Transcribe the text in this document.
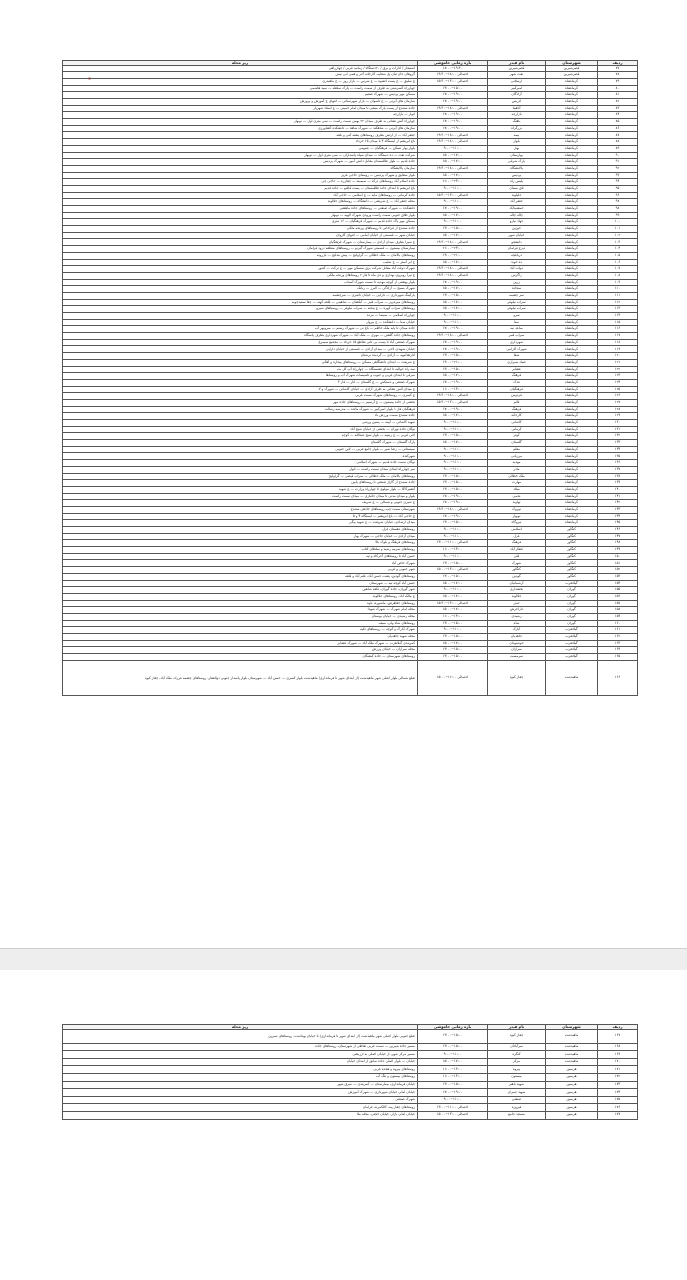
ردیف	شهرستان	نام فیدر	بازه زمانی خاموشی	ریز محله
۷۷	قصرشیرین	قصرشیرین	۱۸:۰۰−۱۹:۳۰	استیجار / ادارات و برق / ۲۰دستگاه / زمانیه غربی / چهارراهی
۷۸	قصرشیرین	نفت شهر	احتمالی ۱۸:۰۰−۱۹:۳۰	گروهان جان ثیان پل شغاپه، کارخانه آجر و همی ابی نیش
۷۹	کرمانشاه	ارسلانی	احتمالی ۱۳:۰۰−۱۵:۳۰	ج سلیق — ج پست انشوه — ج شرس — بازار روز — ج ماهیدری
۸۰	کرمانشاه	امیرکبیر	۱۳:۰۰−۱۵:۰۰	چهارراه کسرشتی به طرف از سمت راست — پارک سلطه — سید هاشمی
۸۱	کرمانشاه	آزادگان	۱۷:۰۰−۱۹:۰۰	مسکن مهر پردیس — شهرک ضعیم
۸۲	کرمانشاه	ادریس	۱۷:۰۰−۱۹:۰۰	سازمان های آیرنی — ج ثاسوان — بازار شهرستانی — انتهای خ آموزش و پرورش
۸۳	کرمانشاه	آناهیتا	احتمالی ۱۸:۰۰−۱۹:۳۰	جاده سنندج از پست پارک منبعی تا میدان امام خمینی — ج استاد شهریار
۸۴	کرمانشاه	بازارچه	۱۷:۰۰−۱۹:۰۰	انوار — بازارچه
۸۵	کرمانشاه	باهنگ	۱۷:۰۰−۱۹:۰۰	چهارراه آتش نشانی به طرف میدان ۲۲ بهمن سمت راست — سی متری اول — نوبهار
۸۶	کرمانشاه	بزرگراه	۱۷:۰۰−۱۹:۰۰	سازمان های آیرنی — شاهکند — شهرک شاهد — دانشکده کشاورزی
۸۷	کرمانشاه	بیمه	احتمالی ۱۸:۰۰−۱۹:۳۰	جعفر آباد — از ارتش بطرف روستاهای پشته کنی و بلقه
۸۸	کرمانشاه	بلوار	احتمالی ۱۸:۰۰−۱۹:۳۰	باغ ابریشم از ایستگاه ۳ تا میدان ۱۵ خرداد
۸۹	کرمانشاه	بهار	۹:۰۰−۱۱:۰۰	بلوار بهار نسکن — فرهنگیان — عمومی
۹۰	کرمانشاه	بهارستان	۱۵:۰۰−۱۷:۰۰	شرکت نفت — ده دستگاه — میدان سپاه پاسداران — سی متری اول — نوبهار
۹۱	کرمانشاه	پارک شرقی	۱۵:۰۰−۱۷:۰۰	جاده قدیم — بلوار طاقبستان مقابل دانش آموز — شهرک پردیس
۹۲	کرمانشاه	پالایشگاه	احتمالی ۱۸:۰۰−۱۹:۳۰	سازمان پالایشگاه
۹۳	کرمانشاه	پردیس	۱۵:۰۰−۱۷:۰۰	بلوار شقایق و شهرک پردیس — روستای حاجی عزیز
۹۴	کرمانشاه	پلیس راه	۲۱:۰۰−۲۳:۰۰	جاده اسلام آباد روستاهای درکه — سیمینه — چقاززه — حاجی چی
۹۵	کرمانشاه	تاق بستان	۹:۰۰−۱۱:۰۰	باغ ابریشم تا ابتدای جاده طاقبستان — پست قاقتو — جاده قدیم
۹۶	کرمانشاه	جلیلوند	احتمالی ۱۳:۰۰−۱۵:۳۰	جاده کرمانی — روستاهای مایه — ج اسلامی — حاجی آباد
۹۷	کرمانشاه	جعفر آباد	۹:۰۰−۱۱:۰۰	محله جعفر آباد — خ شریعتی — دانشگاه — روستاهای جلالوند
۹۸	کرمانشاه	جمشیدآباد	۱۷:۰۰−۱۹:۰۰	دانشکده — شهرک صنعتی — روستاهای جاده ماهشی
۹۹	کرمانشاه	چاله چاله	۱۵:۰۰−۱۷:۰۰	بلوار طاق جنوبی سمت راست ورودی شهرک الهیه — نوبهار
۱۰۰	کرمانشاه	جهاد نیارو	۹:۰۰−۱۱:۰۰	مسکن مهر پاک جاده قدیم — شهرک فرهنگیان — ۱۶ متری
۱۰۱	کرمانشاه	خوزین	۱۳:۰۰−۱۵:۰۰	جاده سنندج از قراخانی تا روستاهای ورنجه ملکی
۱۰۲	کرمانشاه	خیابان شهر	۱۵:۰۰−۱۷:۰۰	خیابان شهر — قسمتی از خیابان امامی — انتهای کاروان
۱۰۳	کرمانشاه	دانشجو	احتمالی ۱۸:۰۰−۱۹:۳۰	خ شیرا بطرف میدان آزادی — بیمارستان — شهرک فرهنگیان
۱۰۴	کرمانشاه	دیزج فرامان	۲۱:۰۰−۲۳:۰۰	بیمارستان بیستون — قسمتی شهرک گیرنو — روستاهای منطقه درود فرامان
۱۰۵	کرمانشاه	درباغچه	۱۹:۰۰−۲۱:۰۰	روستاهای بالامان — ملک خطائی — گراولیج — پیش بندلیج — بازرونه
۱۰۶	کرمانشاه	ده خوند	۱۵:۰۰−۱۷:۰۰	خ ابر آستر — خ شلیب
۱۰۷	کرمانشاه	دولت آباد	احتمالی ۱۸:۰۰−۱۹:۳۰	شهرک دولت آباد مقابل شرکت برق سسکن مهر — ج ترکت — کنتور
۱۰۸	کرمانشاه	زاگرس	احتمالی ۱۸:۰۰−۱۹:۳۰	خ تیرآ روبروی بهداری و دی ماه تا فاز ۲ روستاهای ورنجه ملکی
۱۰۹	کرمانشاه	زرین	۱۷:۰۰−۱۹:۰۰	بلوار بهشتی از کوچه مهدیه تا سمت شهرک آسیاب
۱۱۰	کرمانشاه	سجاده	۱۵:۰۰−۱۷:۰۰	شهرک بسیج — آزادگی — البرز — ربانک
۱۱۱	کرمانشاه	سر چشمه	۱۳:۰۰−۱۵:۰۰	پارکینگ شهرداری — دارایی — خیابان ناصری — سرچشمه
۱۱۲	کرمانشاه	سراب نیلوفر	۱۵:۰۰−۱۷:۰۰	روستاهای میرعزیز — سرآب قنبر — آبکشان — شاهینی — قلعه کهنه — چغا سفیدچوبه
۱۱۳	کرمانشاه	سراب نیلوفر	۱۵:۰۰−۱۷:۰۰	روستاهای سراب کهره — ج پنجنه — سراب نیلوفر — روستاهای شیرو
۱۱۴	کرمانشاه	سرو	۹:۰۰−۱۱:۰۰	چهارراه اسلامی — سینما — مزده
۱۱۵	کرمانشاه	سنا	۹:۰۰−۱۱:۰۰	خیابان سنا — دانشکده — ج بیروار
۱۱۶	کرمانشاه	ساعد نیه	۱۷:۰۰−۱۹:۰۰	جاده میدان تا پایه ملک خاطم — باغ نی — شهرک رستم — سرونهر آب
۱۱۷	کرمانشاه	سراب قنبر	احتمالی ۱۸:۰۰−۱۹:۳۰	روستاهای جاده گلشن — مهری — ملک آباد — شهرک شهرداری بطرف پاسگاه
۱۱۸	کرمانشاه	شهرداری	۱۷:۰۰−۱۹:۰۰	شهرک صنعتی آباد تا پست بی ثانی تقاطع ۱۵ خرداد — مجتمع سیمرغ
۱۱۹	کرمانشاه	شهرک کارامی	۱۷:۰۰−۱۹:۰۰	خیابان شهیدی لاجی — میدان آزادی — قسمتی از خیابان دارایی
۱۲۰	کرمانشاه	شفا	۱۳:۰۰−۱۵:۰۰	ادارهدامهه — آزادی — گردیده برشتان
۱۲۱	کرمانشاه	صیاد شیرازی	۱۹:۰۰−۲۱:۰۰	ج شریعت — ابتدای دانشگاهی مسکن — روستاهای پیجاره و آهکی
۱۲۲	کرمانشاه	عشایر	۱۳:۰۰−۱۵:۰۰	سه راه حوالیه تا ابتدای نشستگاه — چهارراه آپ کل بت
۱۲۳	کرمانشاه	فرهنگ	۱۵:۰۰−۱۷:۰۰	شرقی تا ابتدای غربی و جنوب و تاسیسات شهرک آب و روستاها
۱۲۴	کرمانشاه	فدک	۱۷:۰۰−۱۹:۰۰	شهرک صنعتی و دستکش — ج گلستان — انار — فاز ۳
۱۲۵	کرمانشاه	فرهنگیان	۱۱:۰۰−۱۳:۰۰	ج میدان آتش نشانی به طرف آزادی — خیابان کاشانی — شهرک و لا
۱۲۶	کرمانشاه	فردوس	احتمالی ۱۸:۰۰−۱۹:۳۰	ج کسری — روستاهای شهرک سمت غربی
۱۲۷	کرمانشاه	قائم	احتمالی ۱۳:۰۰−۱۵:۳۰	بخشی از جاده بیستون — ج آرسیم — روستاهای جاده مهر
۱۲۸	کرمانشاه	فرهنگ	۱۷:۰۰−۱۹:۰۰	فرهنگیان فاز ۱ بلوار امیرکبیر — شهرک مائده — مدرسه رسالت
۱۲۹	کرمانشاه	کارخانه	۱۵:۰۰−۱۷:۰۰	جاده سنندج سمت ورزش باد
۱۳۰	کرمانشاه	کاشانی	۹:۰۰−۱۱:۰۰	شهید کاشانی — آیینه — پسین ورشی
۱۳۱	کرمانشاه	کرمانی	۹:۰۰−۱۱:۰۰	نوکان جاده تهران — بخشی از خیابان شیخ آباد
۱۳۲	کرمانشاه	کوثر	۱۳:۰۰−۱۵:۰۰	لانی غربی — ج زینبیه — بلوار شیخ عبدالله — کوچه
۱۳۳	کرمانشاه	گلستان	۱۵:۰۰−۱۷:۰۰	پارک گلستان — شهرک گلستان
۱۳۴	کرمانشاه	معلم	۹:۰۰−۱۱:۰۰	سیستانی — رضا شیر — بلوار جامع غربی — لاین جنوبی
۱۳۵	کرمانشاه	مرزبانی	۹:۰۰−۱۱:۰۰	شهرکنده
۱۳۶	کرمانشاه	مهدیه	۹:۰۰−۱۱:۰۰	نوکان سمت جاده قدیم — شهرک اسلامی
۱۳۷	کرمانشاه	مادر	۹:۰۰−۱۱:۰۰	سر چهارراه ابتدای میدان سمت راست — انوار
۱۳۸	کرمانشاه	ملک خطائی	۱۳:۰۰−۱۵:۰۰	روستاهای بالامان — ملک خطائی — سراب فیضی — گراولیج
۱۳۹	کرمانشاه	مهارت	۱۳:۰۰−۱۵:۰۰	جاده سنندج از گاراژ صنعتی تا روستاهای پایین
۱۴۰	کرمانشاه	میلاد	۱۳:۰۰−۱۵:۰۰	آنشیرکاکا — بلوار مولوی تا چهارراه وزارت — ج شهید
۱۴۱	کرمانشاه	نجمی	۱۷:۰۰−۱۹:۰۰	بلوار و میدان مدنی تا میدان جانبازی — میدان سمت راست
۱۴۲	کرمانشاه	نهاوند	۱۷:۰۰−۱۹:۰۰	ج شیری جنوبی و شمالی — ج شریف
۱۴۳	کرمانشاه	نوروک	احتمالی ۱۸:۰۰−۱۹:۳۰	شهرستان سمت چپ روستاهای جادهی سنندج
۱۴۴	کرمانشاه	نوبهار	۱۷:۰۰−۱۹:۰۰	ج حاجی آباد — باغ ابریشم — ایستگاه ۴ و ۵
۱۴۵	کرمانشاه	نیروگاه	۱۳:۰۰−۱۵:۰۰	میدان ارشادی، خیابان شریعت — ج شهید بیگی
۱۴۶	کنگاور	اسلامی	۹:۰۰−۱۱:۰۰	روستاهای دهستان غزل
۱۴۷	کنگاور	غزل	۹:۰۰−۱۱:۰۰	میدان آزادی — خیابان حاجی — شهرک بهار
۱۴۸	کنگاور	فرهنگ	احتمالی ۱۱:۰۰−۱۳:۰۰	روستاهای فرهنگ و بلوک بالا
۱۴۹	کنگاور	قطار آباد	۱۱:۰۰−۱۳:۰۰	روستاهای سرمه رشید و سلطان کتاب
۱۵۰	کنگاور	قلی	۹:۰۰−۱۱:۰۰	حسن آباد تا روستاهای آجرکاه و تپه
۱۵۱	کنگاور	شهرک	۱۳:۰۰−۱۵:۰۰	شهرک خاص آباد
۱۵۲	کنگاور	کنگاور	احتمالی ۱۳:۰۰−۱۵:۰۰	شهر جنوبی و غربی
۱۵۳	کنگاور	گودین	۱۳:۰۰−۱۵:۰۰	روستاهای گودین، پشت حسن آباد، علم آباد و قلعه
۱۵۴	گیلانغرب	آرشمانیان	۱۵:۰۰−۱۷:۰۰	حسن آباد کوچه تپه — شهرستان
۱۵۵	گوران	بخشداری	۹:۰۰−۱۱:۰۰	شهر گوران، جاده گوران، قلعه شاهین
۱۵۶	گوران	جلالوند	۱۵:۰۰−۱۷:۰۰	ج مالک آباد، روستاهای جلالوند
۱۵۷	گوران	حیدر	احتمالی ۱۳:۰۰−۱۵:۳۰	روستاهای جغاهرش، ماشوره، باوه
۱۵۸	گوران	داراخرش	۱۵:۰۰−۱۷:۰۰	محله امام شهرک — شهرک شهدا
۱۵۹	گوران	رشیدی	۱۱:۰۰−۱۳:۰۰	محله رشیدی — خیابان بوستان
۱۶۰	گوران	شاه	۱۳:۰۰−۱۵:۰۰	روستاهای شاه ولی، سیف
۱۶۱	گیلانغرب	آبارک	۹:۰۰−۱۱:۰۰	شهرک آبارک و کوچه — روستاهای تکیه
۱۶۲	گیلانغرب	جاهدیان	۱۳:۰۰−۱۵:۰۰	محله شهید جاهدیان
۱۶۳	گیلانغرب	خوشنودان	۱۵:۰۰−۱۷:۰۰	کمربندی گیلانغرب — شهرک ملک آباد — شهرک عشایر
۱۶۴	گیلانغرب	سرازان	۱۳:۰۰−۱۵:۰۰	محله سرازان — خیابان ورزش
۱۶۵	گیلانغرب	سرمست	۱۳:۰۰−۱۵:۰۰	روستاهای شهرستان — جاده کیشکان
۱۶۶	ماهیدشت	چغاز کبود	احتمالی ۱۲:۰۰−۱۵:۰۰	ضلع شمالی بلوار اصلی شهر ماهیدشت (از ابتدای شهر تا فرمانداری) ماهیدشت بلوار کسری — حسن آباد — شهرستان بلوار پاسدار جنوبی ذوالفقار، روستاهای چشمه فرزاد، ملک آباد، چغاز کبود
ردیف	شهرستان	نام فیدر	بازه زمانی خاموشی	ریز محله
۱۶۷	ماهیدشت	چغاز کبود	۱۳:۰۰−۱۵:۰۰	ضلع جنوبی بلوار اصلی شهر ماهیدشت (از ابتدای شهر تا فرمانداری) تا خیابان بهداشت، روستاهای شیرین
۱۶۸	ماهیدشت	سرآبادان	۱۳:۰۰−۱۵:۰۰	مسیر جاده شیرین — سمت غربی نقاطی از شهرستان، روستاهای جاده
۱۶۹	ماهیدشت	کنگره	۹:۰۰−۱۱:۰۰	مسیر مرکز شهر، از خیابان اصلی به ارزیشی
۱۷۰	ماهیدشت	مرکز	۱۵:۰۰−۱۷:۰۰	خیابان — بلوار اصلی جاده سابق از ابتدای خیابان
۱۷۱	هرسین	پیروه	۱۱:۰۰−۱۳:۰۰	روستاهای پیروه و هجده غربی
۱۷۲	هرسین	بیستون	۱۱:۰۰−۱۳:۰۰	روستاهای بیستون و تنگ آب
۱۷۳	هرسین	شهید باهنر	۱۳:۰۰−۱۵:۰۰	خیابان فرمانداری، بیمارستان — کمربندی — شرق شهر
۱۷۴	هرسین	شهید چمران	۱۷:۰۰−۱۹:۰۰	خیابان امام، خیابان شهرداری — شهرک آموزش
۱۷۵	هرسین	صنعتی	۹:۰۰−۱۱:۰۰	شهرک صنعتی
۱۷۶	هرسین	فیروزه	احتمالی ۱۱:۰۰−۱۳:۰۰	روستاهای چقاز پیه، کالکمرند، فرامان
۱۷۷	هرسین	مسجد جامع	احتمالی ۱۳:۰۰−۱۵:۰۰	خیابان امام، بازار، خیابان حجتی، محله ملا
